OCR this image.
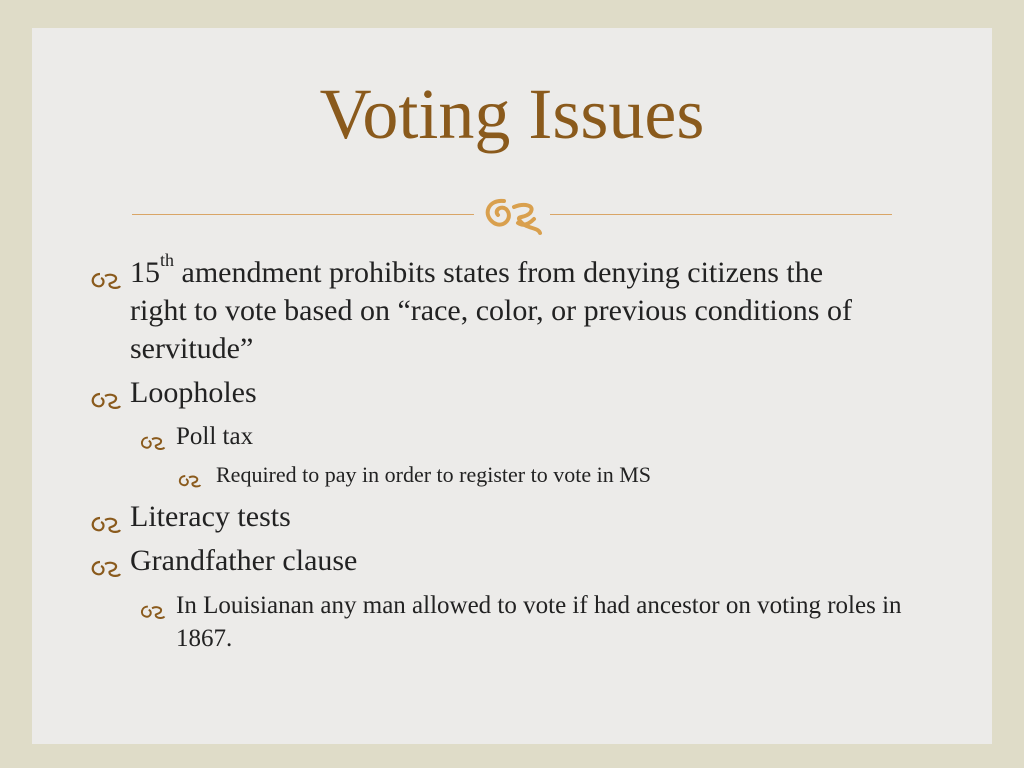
Voting Issues
15th amendment prohibits states from denying citizens the right to vote based on “race, color, or previous conditions of servitude”
Loopholes
Poll tax
Required to pay in order to register to vote in MS
Literacy tests
Grandfather clause
In Louisianan any man allowed to vote if had ancestor on voting roles in 1867.
